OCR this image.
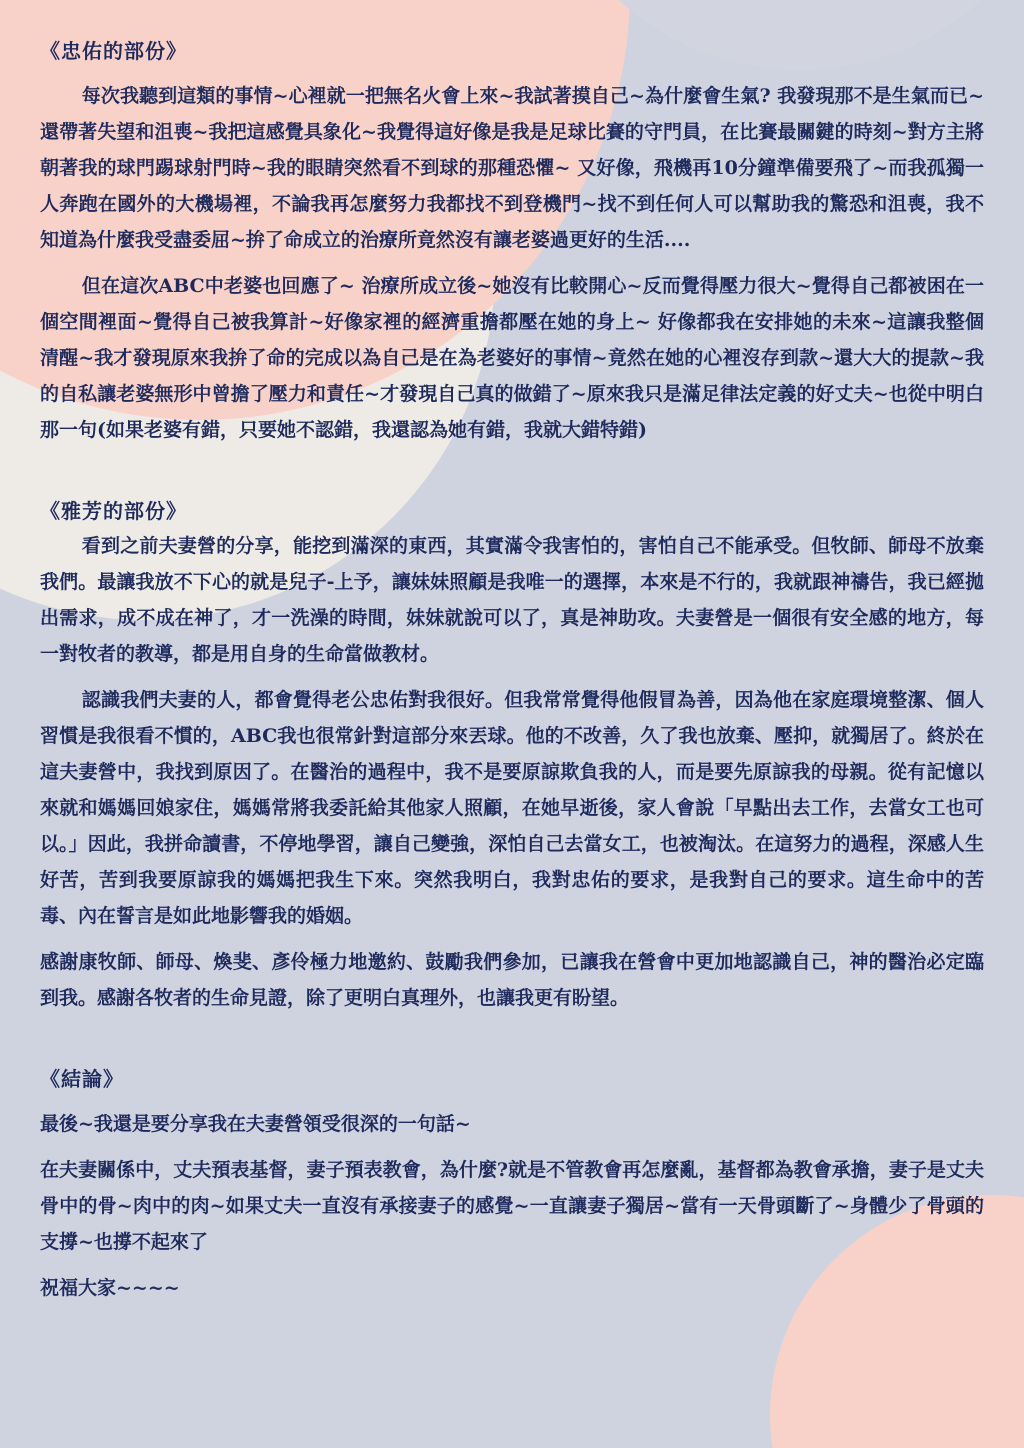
《忠佑的部份》

每次我聽到這類的事情~心裡就一把無名火會上來~我試著摸自己~為什麼會生氣? 我發現那不是生氣而已~還帶著失望和沮喪~我把這感覺具象化~我覺得這好像是我是足球比賽的守門員，在比賽最關鍵的時刻~對方主將朝著我的球門踢球射門時~我的眼睛突然看不到球的那種恐懼~ 又好像，飛機再10分鐘準備要飛了~而我孤獨一人奔跑在國外的大機場裡，不論我再怎麼努力我都找不到登機門~找不到任何人可以幫助我的驚恐和沮喪，我不知道為什麼我受盡委屈~拚了命成立的治療所竟然沒有讓老婆過更好的生活....

但在這次ABC中老婆也回應了~ 治療所成立後~她沒有比較開心~反而覺得壓力很大~覺得自己都被困在一個空間裡面~覺得自己被我算計~好像家裡的經濟重擔都壓在她的身上~ 好像都我在安排她的未來~這讓我整個清醒~我才發現原來我拚了命的完成以為自己是在為老婆好的事情~竟然在她的心裡沒存到款~還大大的提款~我的自私讓老婆無形中曾擔了壓力和責任~才發現自己真的做錯了~原來我只是滿足律法定義的好丈夫~也從中明白那一句(如果老婆有錯，只要她不認錯，我還認為她有錯，我就大錯特錯)

《雅芳的部份》

看到之前夫妻營的分享，能挖到滿深的東西，其實滿令我害怕的，害怕自己不能承受。但牧師、師母不放棄我們。最讓我放不下心的就是兒子-上予，讓妹妹照顧是我唯一的選擇，本來是不行的，我就跟神禱告，我已經拋出需求，成不成在神了，才一洗澡的時間，妹妹就說可以了，真是神助攻。夫妻營是一個很有安全感的地方，每一對牧者的教導，都是用自身的生命當做教材。

認識我們夫妻的人，都會覺得老公忠佑對我很好。但我常常覺得他假冒為善，因為他在家庭環境整潔、個人習慣是我很看不慣的，ABC我也很常針對這部分來丟球。他的不改善，久了我也放棄、壓抑，就獨居了。終於在這夫妻營中，我找到原因了。在醫治的過程中，我不是要原諒欺負我的人，而是要先原諒我的母親。從有記憶以來就和媽媽回娘家住，媽媽常將我委託給其他家人照顧，在她早逝後，家人會說「早點出去工作，去當女工也可以。」因此，我拼命讀書，不停地學習，讓自己變強，深怕自己去當女工，也被淘汰。在這努力的過程，深感人生好苦，苦到我要原諒我的媽媽把我生下來。突然我明白，我對忠佑的要求，是我對自己的要求。這生命中的苦毒、內在誓言是如此地影響我的婚姻。

感謝康牧師、師母、煥斐、彥伶極力地邀約、鼓勵我們參加，已讓我在營會中更加地認識自己，神的醫治必定臨到我。感謝各牧者的生命見證，除了更明白真理外，也讓我更有盼望。

《結論》

最後~我還是要分享我在夫妻營領受很深的一句話~

在夫妻關係中，丈夫預表基督，妻子預表教會，為什麼?就是不管教會再怎麼亂，基督都為教會承擔，妻子是丈夫骨中的骨~肉中的肉~如果丈夫一直沒有承接妻子的感覺~一直讓妻子獨居~當有一天骨頭斷了~身體少了骨頭的支撐~也撐不起來了

祝福大家~~~~
